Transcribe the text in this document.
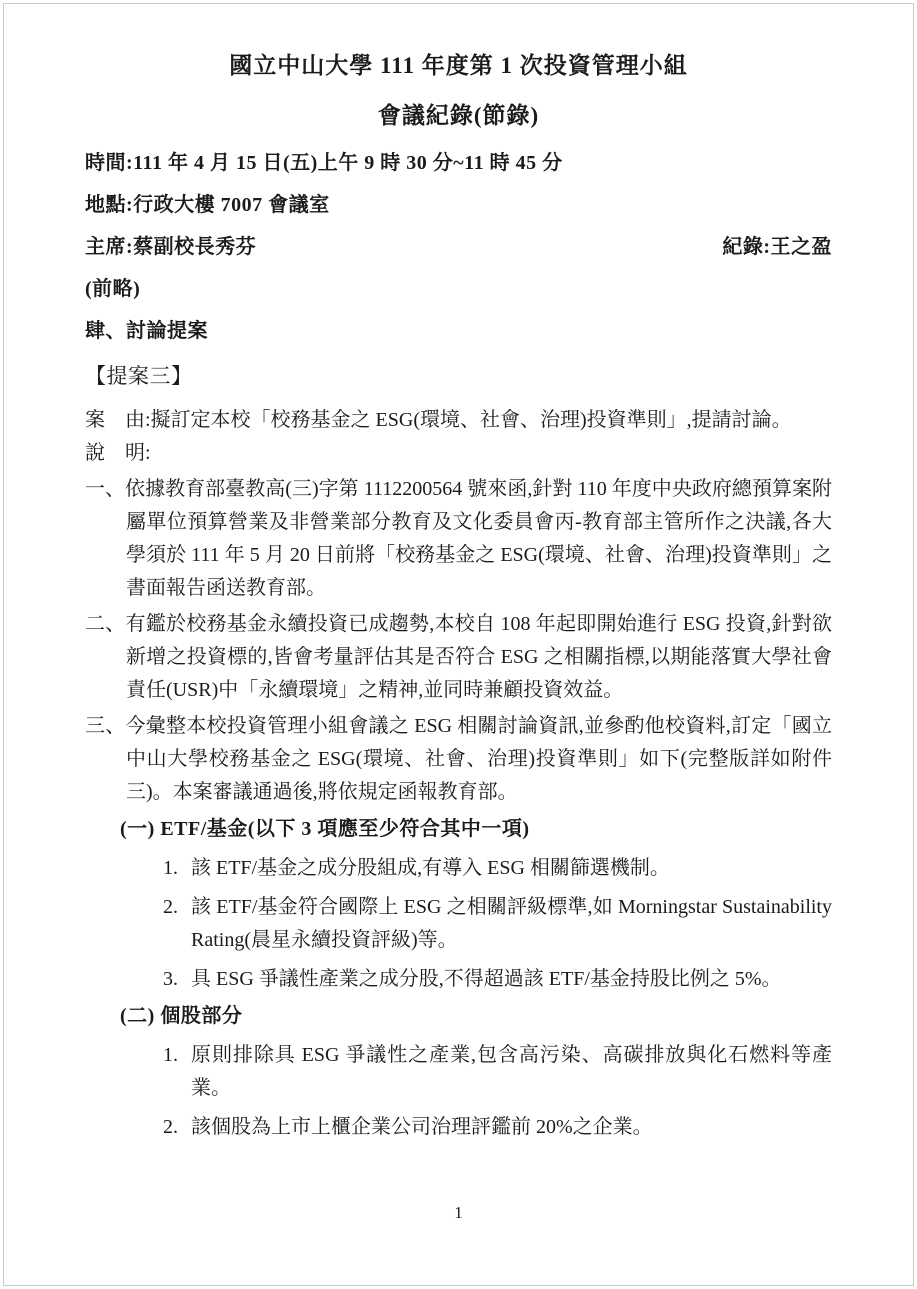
國立中山大學 111 年度第 1 次投資管理小組
會議紀錄(節錄)
時間:111 年 4 月 15 日(五)上午 9 時 30 分~11 時 45 分
地點:行政大樓 7007 會議室
主席:蔡副校長秀芬	紀錄:王之盈
(前略)
肆、討論提案
【提案三】

案　由:擬訂定本校「校務基金之 ESG(環境、社會、治理)投資準則」,提請討論。

說　明:

一、依據教育部臺教高(三)字第 1112200564 號來函,針對 110 年度中央政府總預算案附屬單位預算營業及非營業部分教育及文化委員會丙-教育部主管所作之決議,各大學須於 111 年 5 月 20 日前將「校務基金之 ESG(環境、社會、治理)投資準則」之書面報告函送教育部。

二、有鑑於校務基金永續投資已成趨勢,本校自 108 年起即開始進行 ESG 投資,針對欲新增之投資標的,皆會考量評估其是否符合 ESG 之相關指標,以期能落實大學社會責任(USR)中「永續環境」之精神,並同時兼顧投資效益。

三、今彙整本校投資管理小組會議之 ESG 相關討論資訊,並參酌他校資料,訂定「國立中山大學校務基金之 ESG(環境、社會、治理)投資準則」如下(完整版詳如附件三)。本案審議通過後,將依規定函報教育部。

(一) ETF/基金(以下 3 項應至少符合其中一項)

1. 該 ETF/基金之成分股組成,有導入 ESG 相關篩選機制。
2. 該 ETF/基金符合國際上 ESG 之相關評級標準,如 Morningstar Sustainability Rating(晨星永續投資評級)等。
3. 具 ESG 爭議性產業之成分股,不得超過該 ETF/基金持股比例之 5%。

(二) 個股部分

1. 原則排除具 ESG 爭議性之產業,包含高污染、高碳排放與化石燃料等產業。
2. 該個股為上市上櫃企業公司治理評鑑前 20%之企業。
1
